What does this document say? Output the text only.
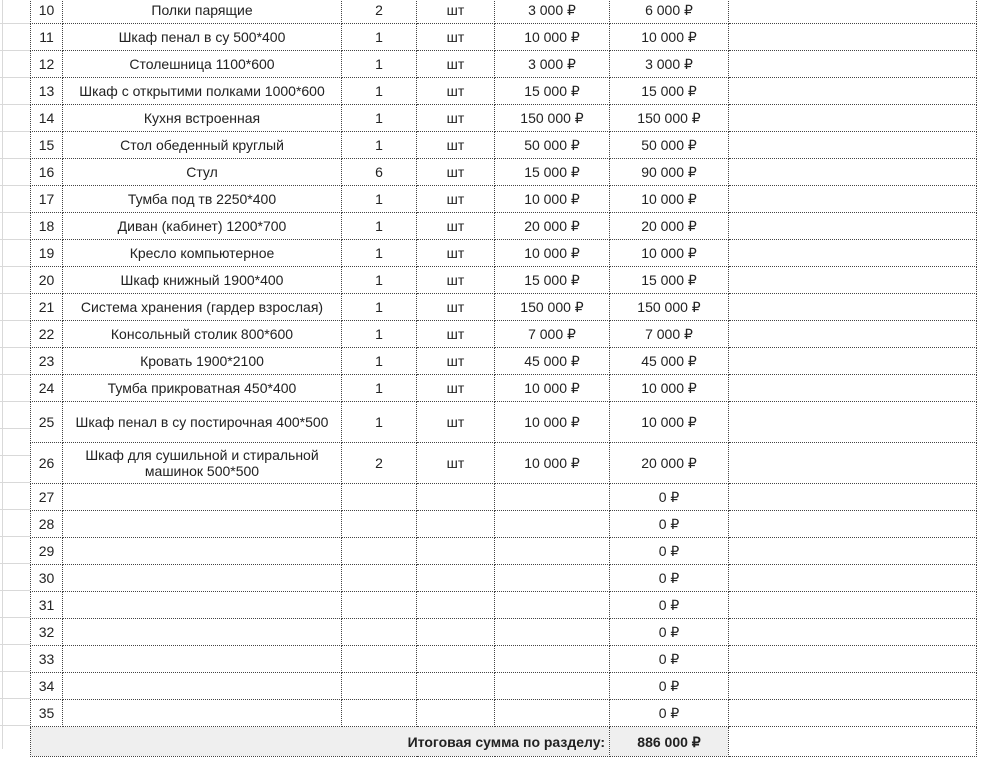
10	Полки парящие	2	шт	3 000 ₽	6 000 ₽	
11	Шкаф пенал в су 500*400	1	шт	10 000 ₽	10 000 ₽	
12	Столешница 1100*600	1	шт	3 000 ₽	3 000 ₽	
13	Шкаф с открытими полками 1000*600	1	шт	15 000 ₽	15 000 ₽	
14	Кухня встроенная	1	шт	150 000 ₽	150 000 ₽	
15	Стол обеденный круглый	1	шт	50 000 ₽	50 000 ₽	
16	Стул	6	шт	15 000 ₽	90 000 ₽	
17	Тумба под тв 2250*400	1	шт	10 000 ₽	10 000 ₽	
18	Диван (кабинет) 1200*700	1	шт	20 000 ₽	20 000 ₽	
19	Кресло компьютерное	1	шт	10 000 ₽	10 000 ₽	
20	Шкаф книжный 1900*400	1	шт	15 000 ₽	15 000 ₽	
21	Система хранения (гардер взрослая)	1	шт	150 000 ₽	150 000 ₽	
22	Консольный столик 800*600	1	шт	7 000 ₽	7 000 ₽	
23	Кровать 1900*2100	1	шт	45 000 ₽	45 000 ₽	
24	Тумба прикроватная 450*400	1	шт	10 000 ₽	10 000 ₽	
25	Шкаф пенал в су постирочная 400*500	1	шт	10 000 ₽	10 000 ₽	
26	Шкаф для сушильной и стиральной машинок 500*500	2	шт	10 000 ₽	20 000 ₽	
27					0 ₽	
28					0 ₽	
29					0 ₽	
30					0 ₽	
31					0 ₽	
32					0 ₽	
33					0 ₽	
34					0 ₽	
35					0 ₽	
Итоговая сумма по разделу:					886 000 ₽	
